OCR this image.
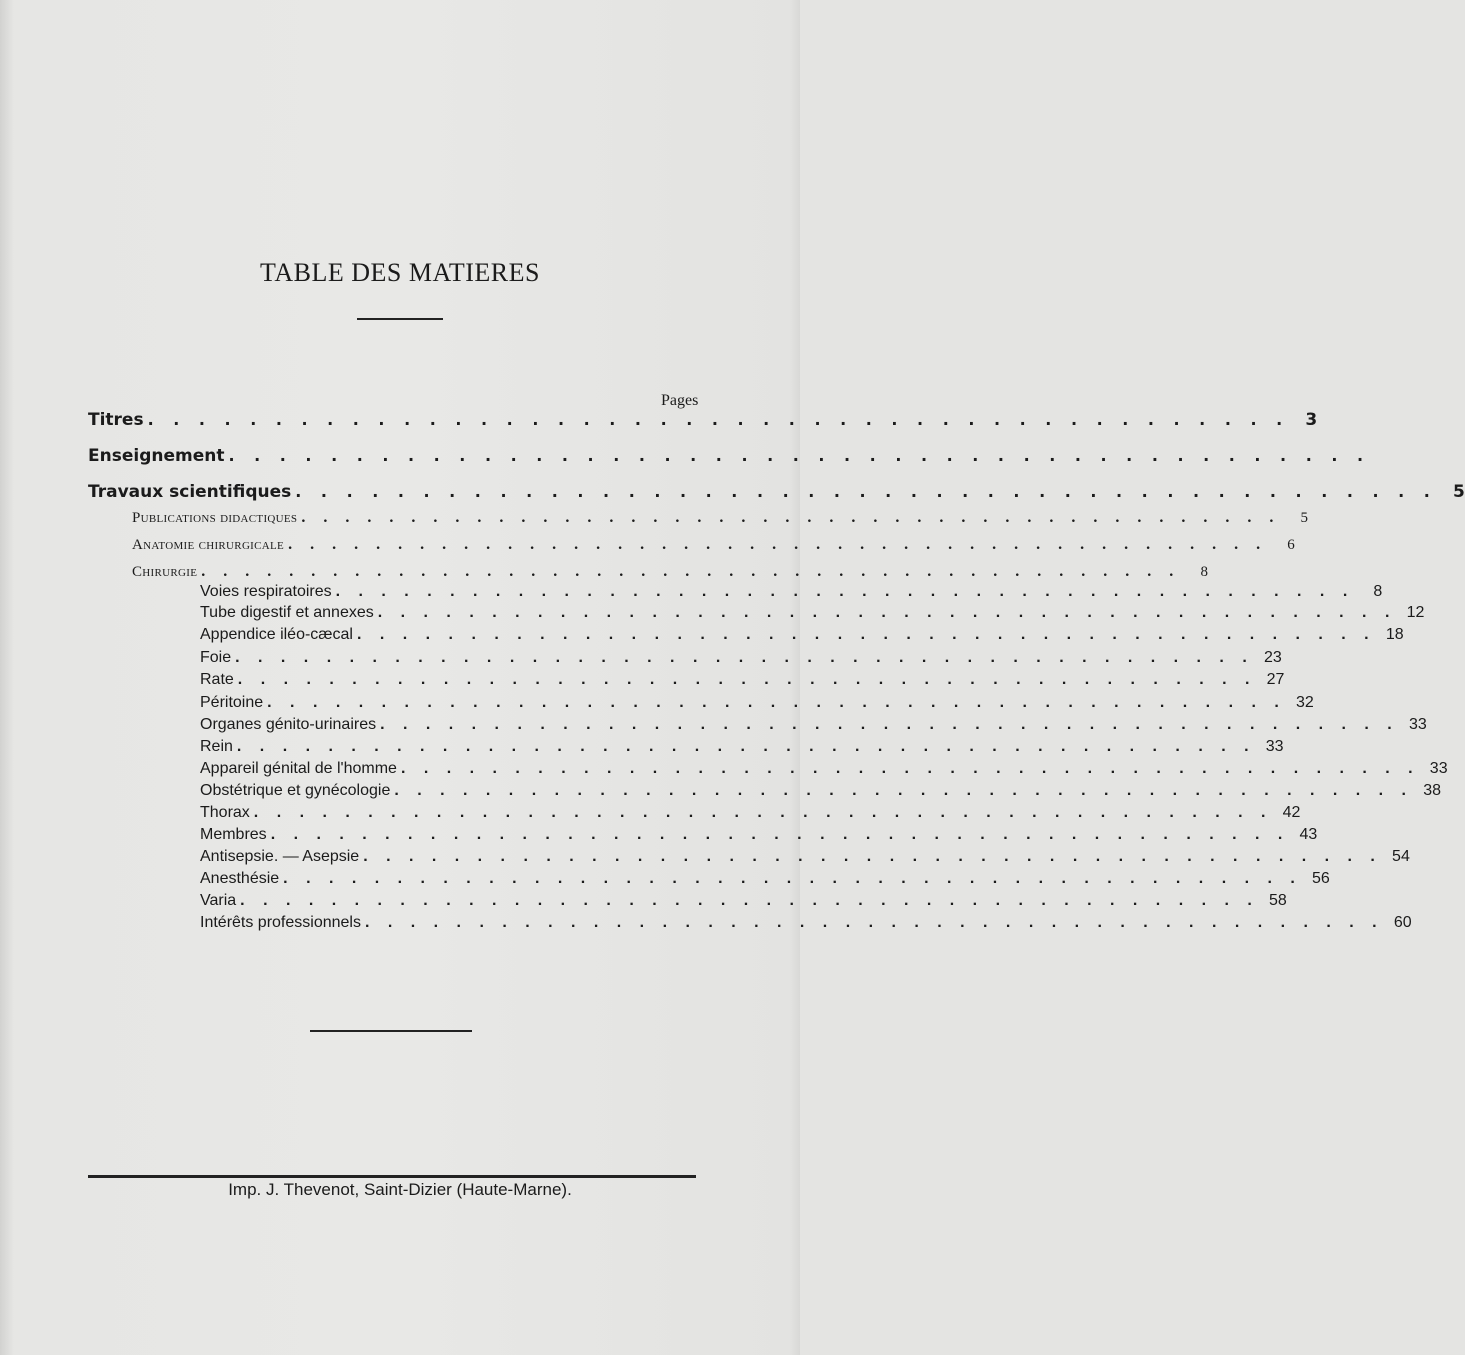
TABLE DES MATIERES
Pages
Titres . . . . . . . . . . . . . . . . . . . . . . . . . . . . . . . . . . . . . . . . . . . . . 3
Enseignement . . . . . . . . . . . . . . . . . . . . . . . . . . . . . . . . . . . . . . . . . . . . .
Travaux scientifiques . . . . . . . . . . . . . . . . . . . . . . . . . . . . . . . . . . . . . . . . . . . . . 5
Publications didactiques . . . . . . . . . . . . . . . . . . . . . . . . . . . . . . . . . . . . . . . . . . . . .	5
Anatomie chirurgicale . . . . . . . . . . . . . . . . . . . . . . . . . . . . . . . . . . . . . . . . . . . . .	6
Chirurgie . . . . . . . . . . . . . . . . . . . . . . . . . . . . . . . . . . . . . . . . . . . . .	8
Voies respiratoires . . . . . . . . . . . . . . . . . . . . . . . . . . . . . . . . . . . . . . . . . . . . .	8
Tube digestif et annexes . . . . . . . . . . . . . . . . . . . . . . . . . . . . . . . . . . . . . . . . . . . . . 12
Appendice iléo-cæcal . . . . . . . . . . . . . . . . . . . . . . . . . . . . . . . . . . . . . . . . . . . . . 18
Foie . . . . . . . . . . . . . . . . . . . . . . . . . . . . . . . . . . . . . . . . . . . . . 23
Rate . . . . . . . . . . . . . . . . . . . . . . . . . . . . . . . . . . . . . . . . . . . . . 27
Péritoine . . . . . . . . . . . . . . . . . . . . . . . . . . . . . . . . . . . . . . . . . . . . . 32
Organes génito-urinaires . . . . . . . . . . . . . . . . . . . . . . . . . . . . . . . . . . . . . . . . . . . . . 33
Rein . . . . . . . . . . . . . . . . . . . . . . . . . . . . . . . . . . . . . . . . . . . . . 33
Appareil génital de l'homme . . . . . . . . . . . . . . . . . . . . . . . . . . . . . . . . . . . . . . . . . . . . . 33
Obstétrique et gynécologie . . . . . . . . . . . . . . . . . . . . . . . . . . . . . . . . . . . . . . . . . . . . . 38
Thorax . . . . . . . . . . . . . . . . . . . . . . . . . . . . . . . . . . . . . . . . . . . . . 42
Membres . . . . . . . . . . . . . . . . . . . . . . . . . . . . . . . . . . . . . . . . . . . . . 43
Antisepsie. — Asepsie . . . . . . . . . . . . . . . . . . . . . . . . . . . . . . . . . . . . . . . . . . . . . 54
Anesthésie . . . . . . . . . . . . . . . . . . . . . . . . . . . . . . . . . . . . . . . . . . . . . 56
Varia . . . . . . . . . . . . . . . . . . . . . . . . . . . . . . . . . . . . . . . . . . . . . 58
Intérêts professionnels . . . . . . . . . . . . . . . . . . . . . . . . . . . . . . . . . . . . . . . . . . . . . 60
Imp. J. Thevenot, Saint-Dizier (Haute-Marne).
